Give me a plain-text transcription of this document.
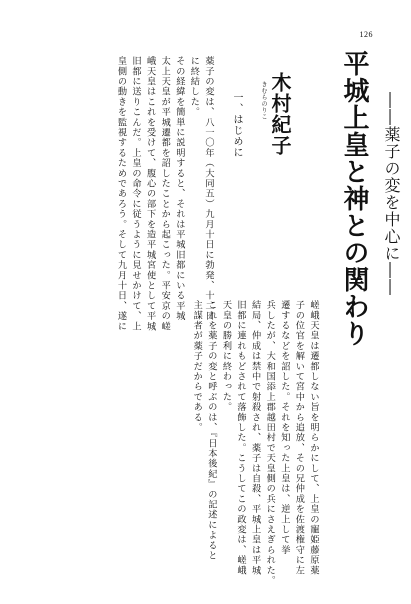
126
平城上皇と神との関わり ――薬子の変を中心に――
木村紀子
きむらのりこ
一、はじめに
薬子の変は、八一〇年（大同五）九月十日に勃発、十二日
に終結した。
その経緯を簡単に説明すると、それは平城旧都にいる平城
太上天皇が平城遷都を詔したことから起こった。平安京の嵯
峨天皇はこれを受けて、腹心の部下を造平城宮使として平城
旧都に送りこんだ。上皇の命令に従うように見せかけて、上
皇側の動きを監視するためであろう。そして九月十日、遂に
嵯峨天皇は遷都しない旨を明らかにして、上皇の寵姫藤原薬
子の位官を解いて宮中から追放、その兄仲成を佐渡権守に左
遷するなどを詔した。それを知った上皇は、逆上して挙
兵したが、大和国添上郡越田村で天皇側の兵にさえぎられた。
結局、仲成は禁中で射殺され、薬子は自殺、平城上皇は平城
旧都に連れもどされて落飾した。こうしてこの政変は、嵯峨
天皇の勝利に終わった。
これを薬子の変と呼ぶのは、『日本後紀』の記述によると
主謀者が薬子だからである。
